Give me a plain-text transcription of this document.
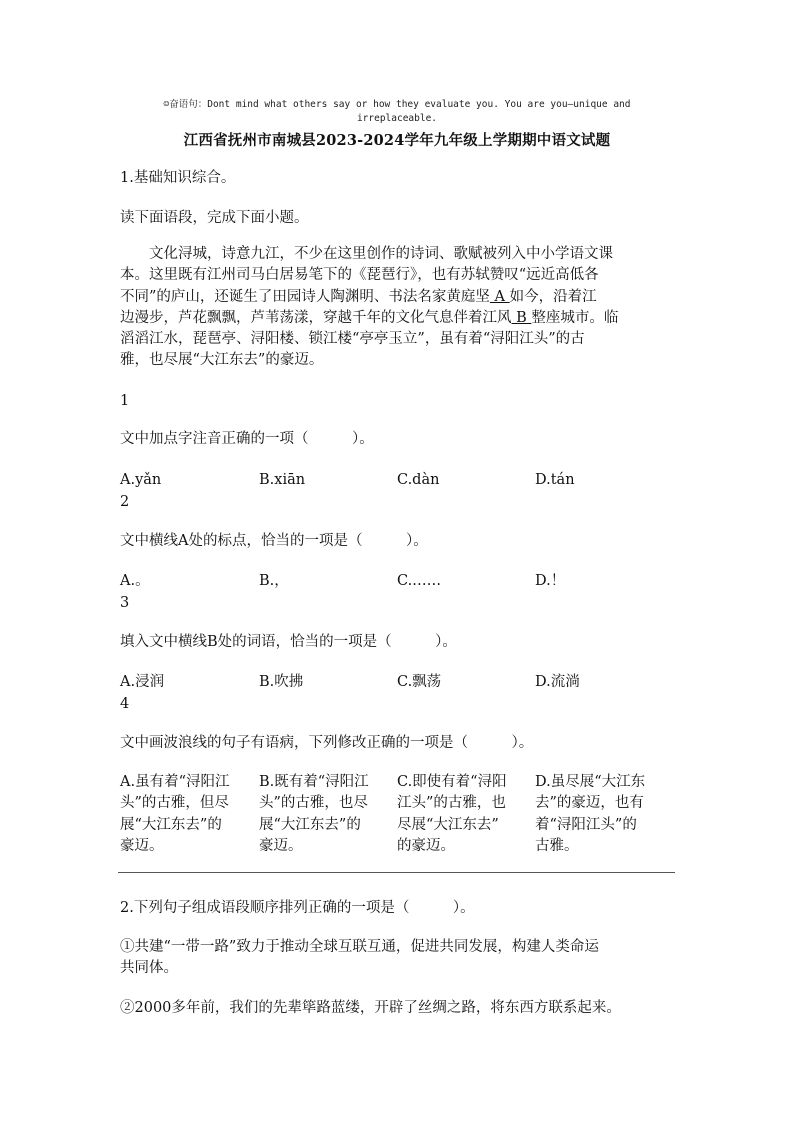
☺奋语句：Dont mind what others say or how they evaluate you. You are you—unique and irreplaceable.
江西省抚州市南城县2023-2024学年九年级上学期期中语文试题
1.基础知识综合。
读下面语段，完成下面小题。
文化浔城，诗意九江，不少在这里创作的诗词、歌赋被列入中小学语文课
本。这里既有江州司马白居易笔下的《琵琶行》，也有苏轼赞叹“远近高低各
不同”的庐山，还诞生了田园诗人陶渊明、书法名家黄庭坚 A 如今，沿着江
边漫步，芦花飘飘，芦苇荡漾，穿越千年的文化气息伴着江风 B 整座城市。临
滔滔江水，琵琶亭、浔阳楼、锁江楼“亭亭玉立”，虽有着“浔阳江头”的古
雅，也尽展“大江东去”的豪迈。
1
文中加点字注音正确的一项（　　　）。
A.yǎn	B.xiān	C.dàn	D.tán
2
文中横线A处的标点，恰当的一项是（　　　）。
A.。	B.，	C.……	D.！
3
填入文中横线B处的词语，恰当的一项是（　　　）。
A.浸润	B.吹拂	C.飘荡	D.流淌
4
文中画波浪线的句子有语病，下列修改正确的一项是（　　　）。
A.虽有着“浔阳江
头”的古雅，但尽
展“大江东去”的
豪迈。
B.既有着“浔阳江
头”的古雅，也尽
展“大江东去”的
豪迈。
C.即使有着“浔阳
江头”的古雅，也
尽展“大江东去”
的豪迈。
D.虽尽展“大江东
去”的豪迈，也有
着“浔阳江头”的
古雅。
2.下列句子组成语段顺序排列正确的一项是（　　　）。
①共建“一带一路”致力于推动全球互联互通，促进共同发展，构建人类命运
共同体。
②2000多年前，我们的先辈筚路蓝缕，开辟了丝绸之路，将东西方联系起来。
